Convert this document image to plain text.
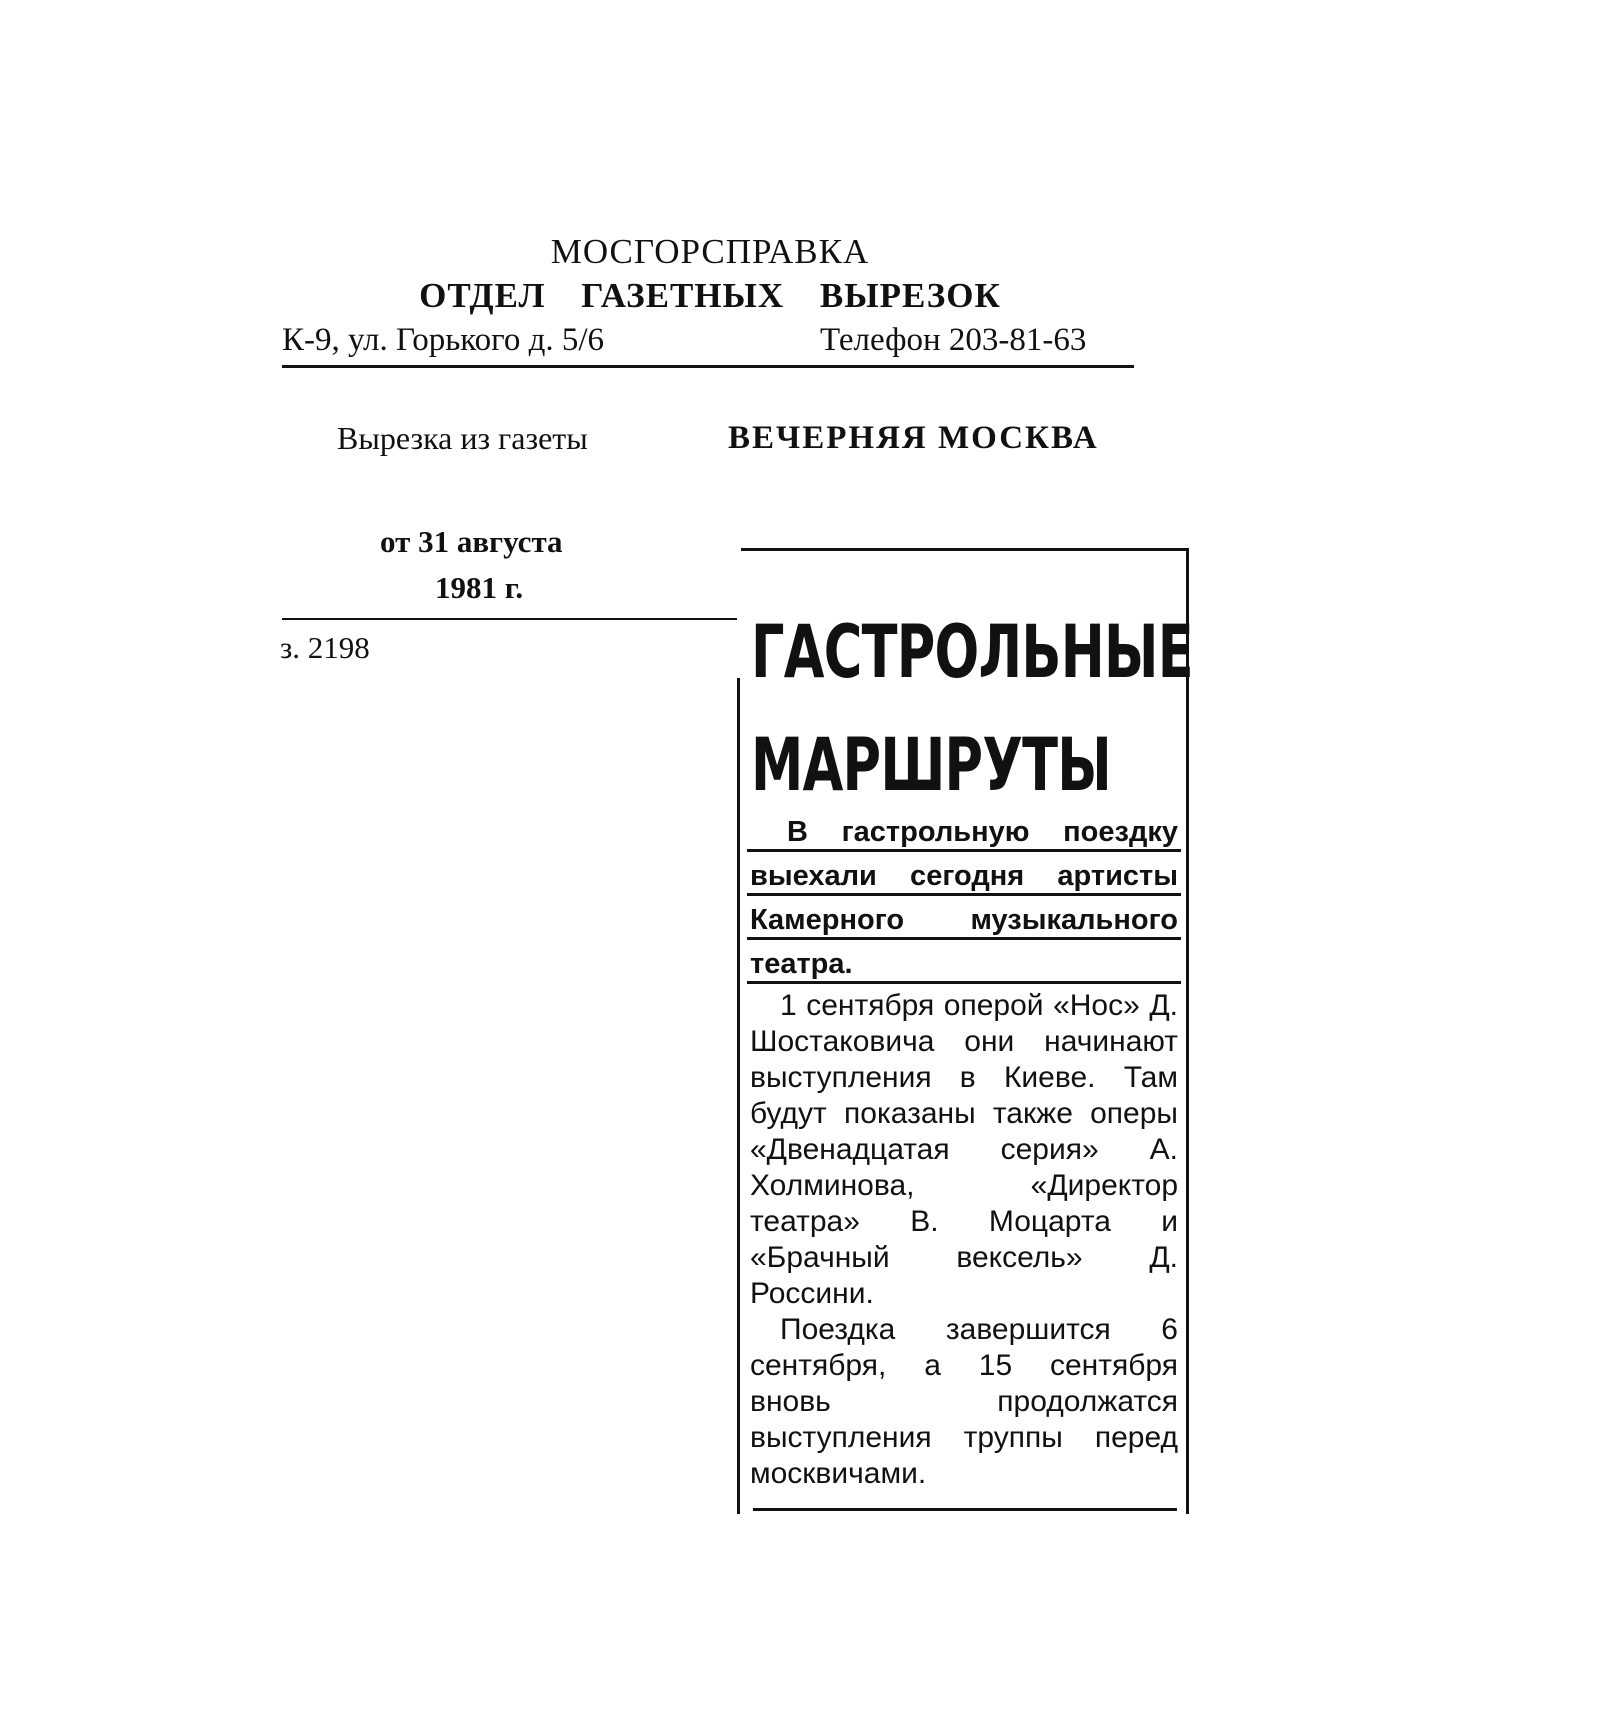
МОСГОРСПРАВКА
ОТДЕЛ ГАЗЕТНЫХ ВЫРЕЗОК
К-9, ул. Горького д. 5/6	Телефон 203-81-63
Вырезка из газеты	ВЕЧЕРНЯЯ МОСКВА
от 31 августа
1981 г.
з. 2198	ГАСТРОЛЬНЫЕ
МАРШРУТЫ
В гастрольную поездку выехали сегодня артисты Камерного музыкального театра.

1 сентября оперой «Нос» Д. Шостаковича они начинают выступления в Киеве. Там будут показаны также оперы «Двенадцатая серия» А. Холминова, «Директор театра» В. Моцарта и «Брачный вексель» Д. Россини.

Поездка завершится 6 сентября, а 15 сентября вновь продолжатся выступления труппы перед москвичами.
